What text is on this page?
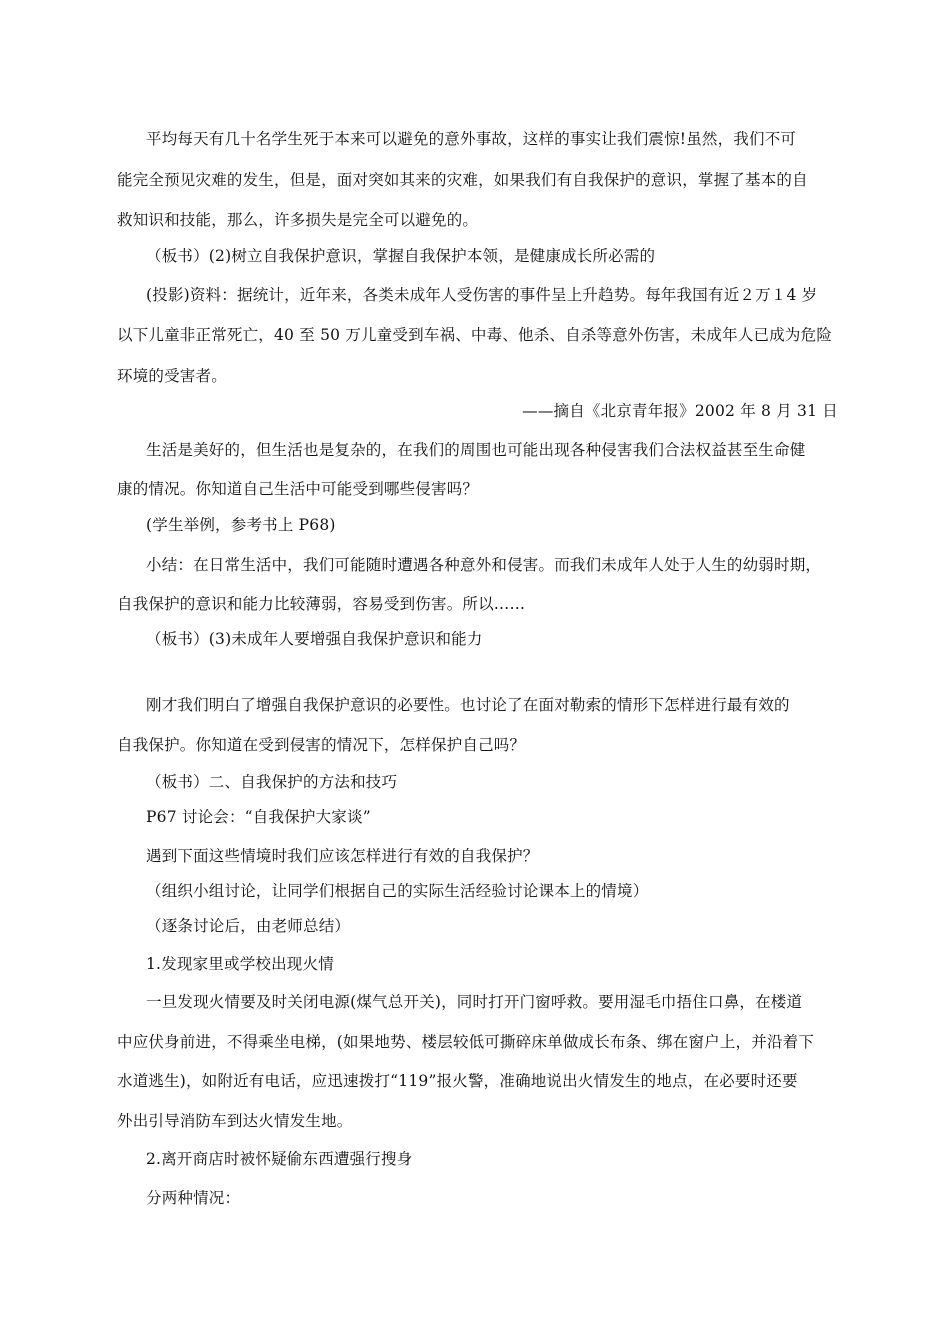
平均每天有几十名学生死于本来可以避免的意外事故，这样的事实让我们震惊!虽然，我们不可
能完全预见灾难的发生，但是，面对突如其来的灾难，如果我们有自我保护的意识，掌握了基本的自
救知识和技能，那么，许多损失是完全可以避免的。
（板书）(2)树立自我保护意识，掌握自我保护本领，是健康成长所必需的
(投影)资料：据统计，近年来，各类未成年人受伤害的事件呈上升趋势。每年我国有近２万１4 岁
以下儿童非正常死亡，40 至 50 万儿童受到车祸、中毒、他杀、自杀等意外伤害，未成年人已成为危险
环境的受害者。
——摘自《北京青年报》2002 年 8 月 31 日
生活是美好的，但生活也是复杂的，在我们的周围也可能出现各种侵害我们合法权益甚至生命健
康的情况。你知道自己生活中可能受到哪些侵害吗？
(学生举例，参考书上 P68)
小结：在日常生活中，我们可能随时遭遇各种意外和侵害。而我们未成年人处于人生的幼弱时期，
自我保护的意识和能力比较薄弱，容易受到伤害。所以……
（板书）(3)未成年人要增强自我保护意识和能力
刚才我们明白了增强自我保护意识的必要性。也讨论了在面对勒索的情形下怎样进行最有效的
自我保护。你知道在受到侵害的情况下，怎样保护自己吗？
（板书）二、自我保护的方法和技巧
P67 讨论会：“自我保护大家谈”
遇到下面这些情境时我们应该怎样进行有效的自我保护？
（组织小组讨论，让同学们根据自己的实际生活经验讨论课本上的情境）
（逐条讨论后，由老师总结）
1.发现家里或学校出现火情
一旦发现火情要及时关闭电源(煤气总开关)，同时打开门窗呼救。要用湿毛巾捂住口鼻，在楼道
中应伏身前进，不得乘坐电梯，(如果地势、楼层较低可撕碎床单做成长布条、绑在窗户上，并沿着下
水道逃生)，如附近有电话，应迅速拨打“119”报火警，准确地说出火情发生的地点，在必要时还要
外出引导消防车到达火情发生地。
2.离开商店时被怀疑偷东西遭强行搜身
分两种情况：
